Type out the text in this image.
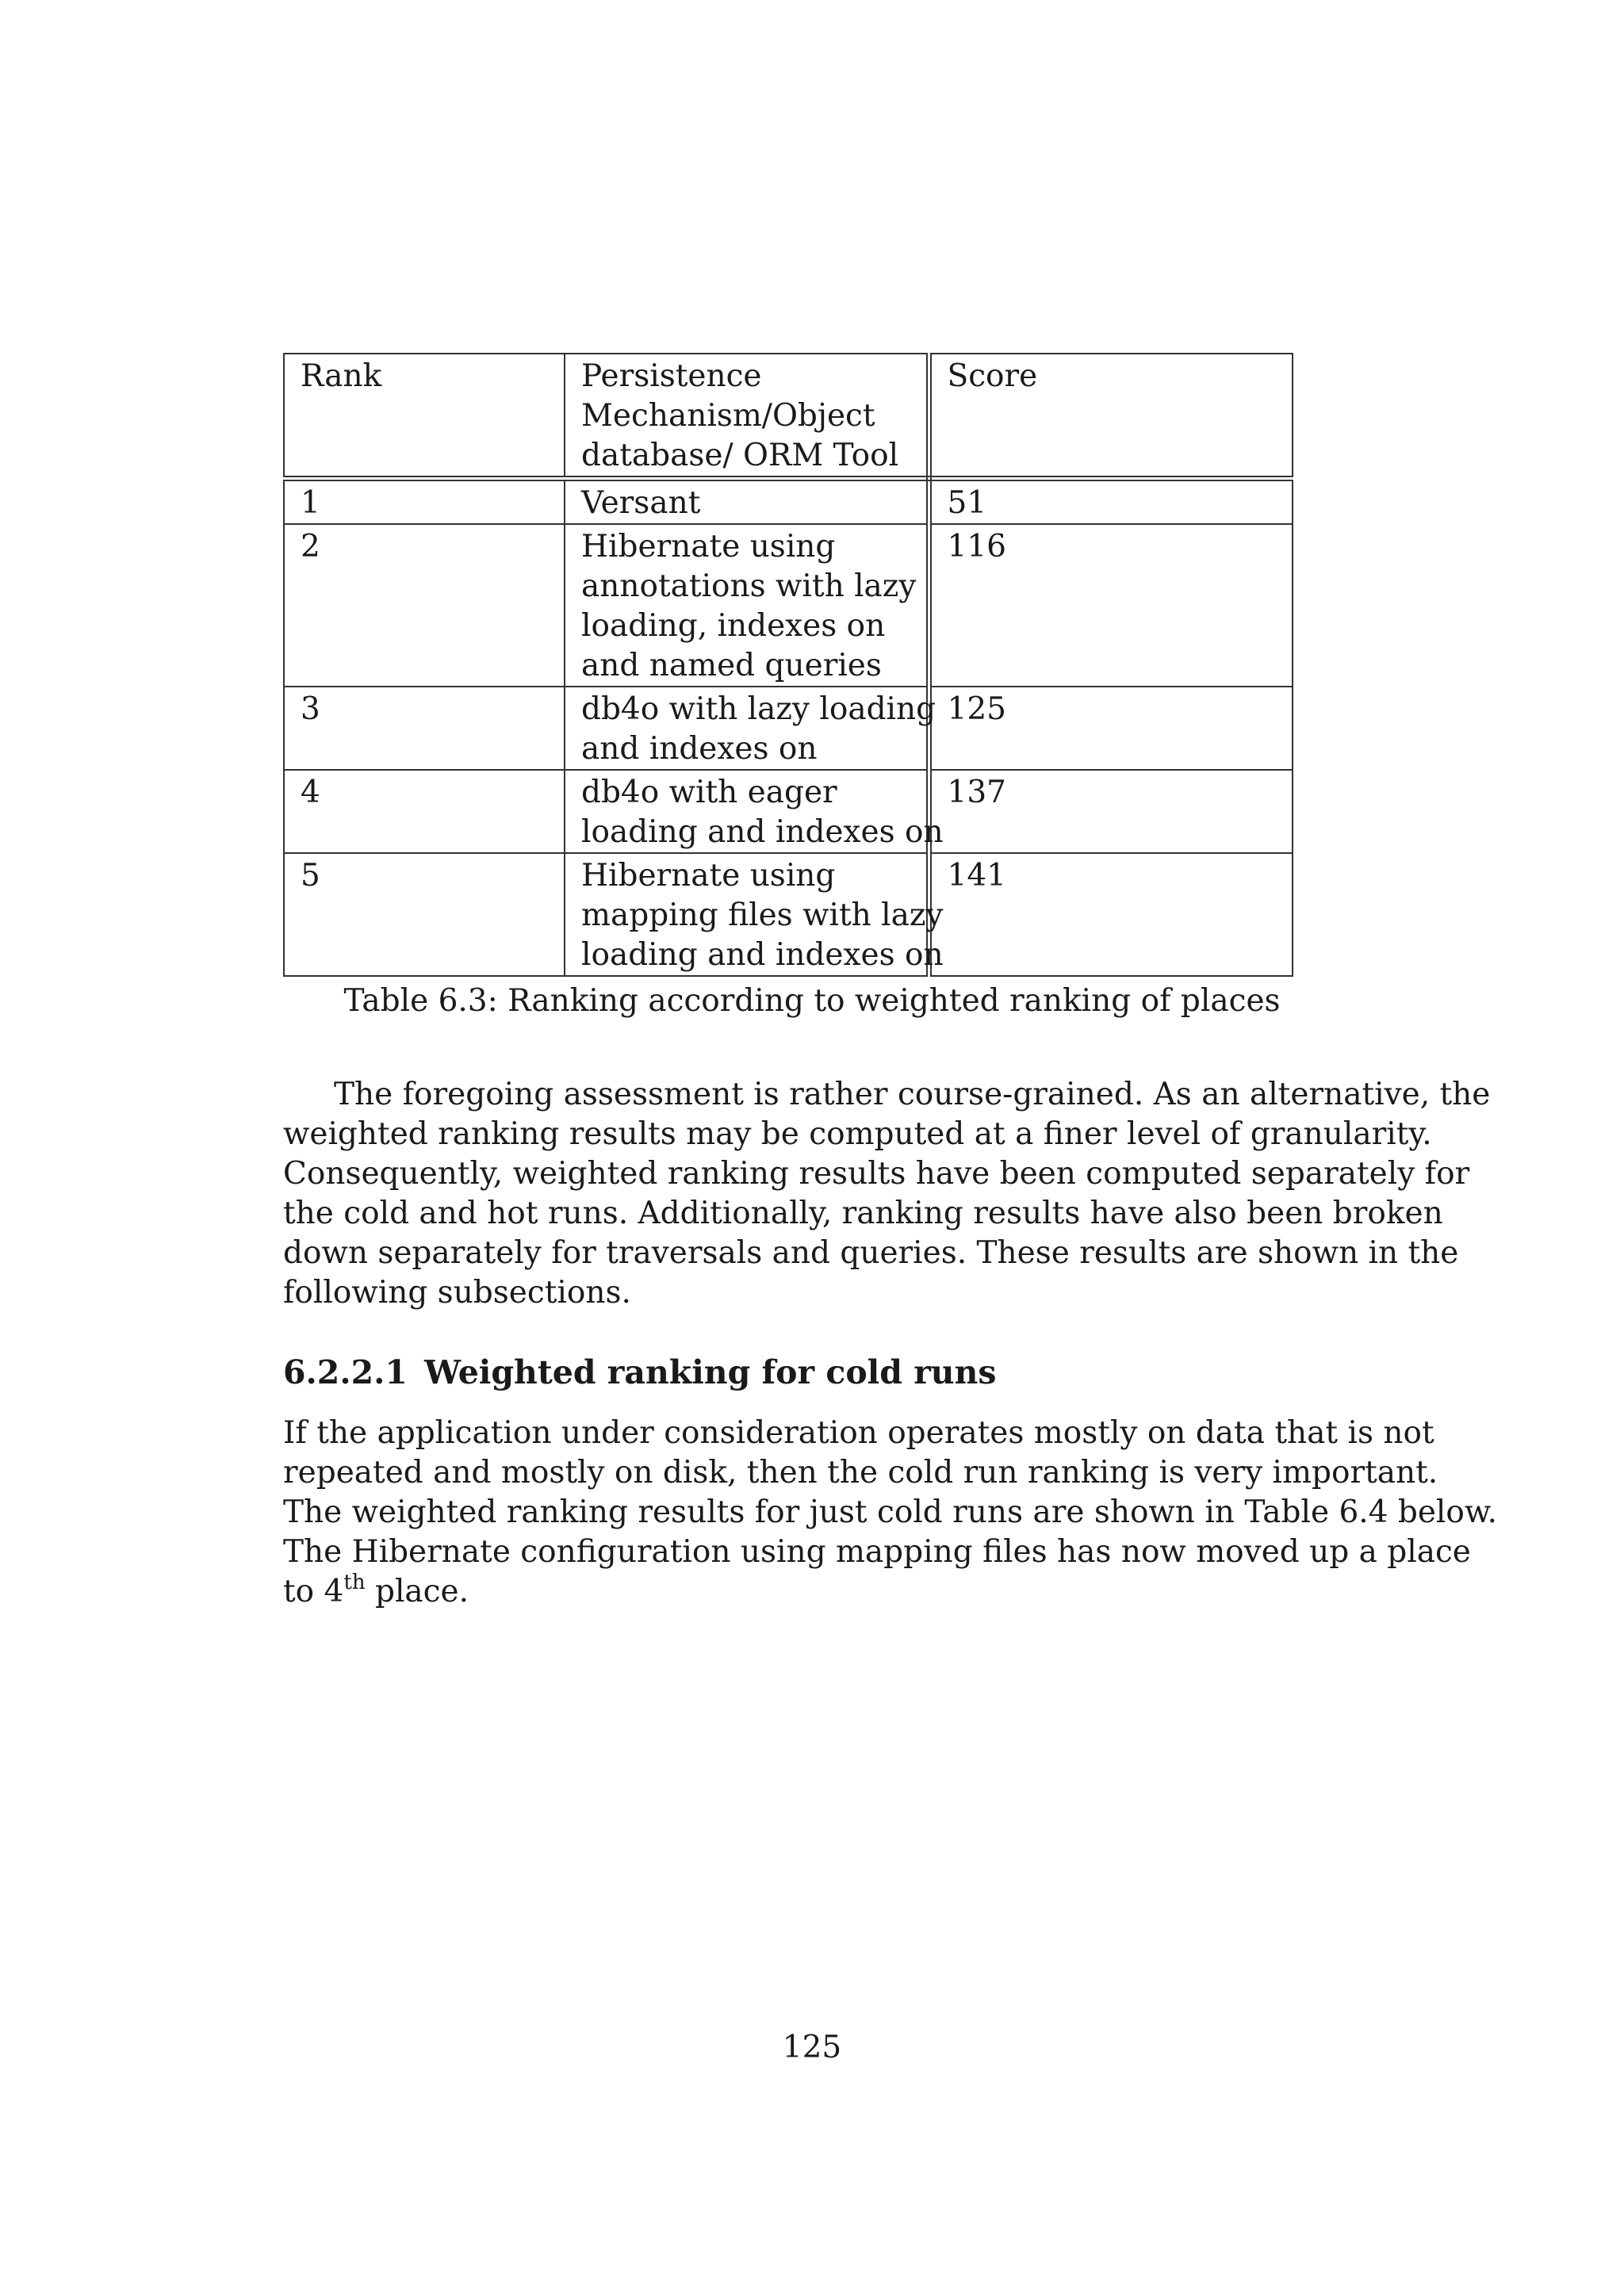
Rank	Persistence
Mechanism/Object
database/ ORM Tool	Score

1	Versant	51

2	Hibernate using
annotations with lazy
loading, indexes on
and named queries	116

3	db4o with lazy loading
and indexes on	125

4	db4o with eager
loading and indexes on	137

5	Hibernate using
mapping files with lazy
loading and indexes on	141
Table 6.3: Ranking according to weighted ranking of places
The foregoing assessment is rather course-grained. As an alternative, the
weighted ranking results may be computed at a finer level of granularity.
Consequently, weighted ranking results have been computed separately for
the cold and hot runs. Additionally, ranking results have also been broken
down separately for traversals and queries. These results are shown in the
following subsections.
6.2.2.1 Weighted ranking for cold runs
If the application under consideration operates mostly on data that is not
repeated and mostly on disk, then the cold run ranking is very important.
The weighted ranking results for just cold runs are shown in Table 6.4 below.
The Hibernate configuration using mapping files has now moved up a place
to 4th place.
125
